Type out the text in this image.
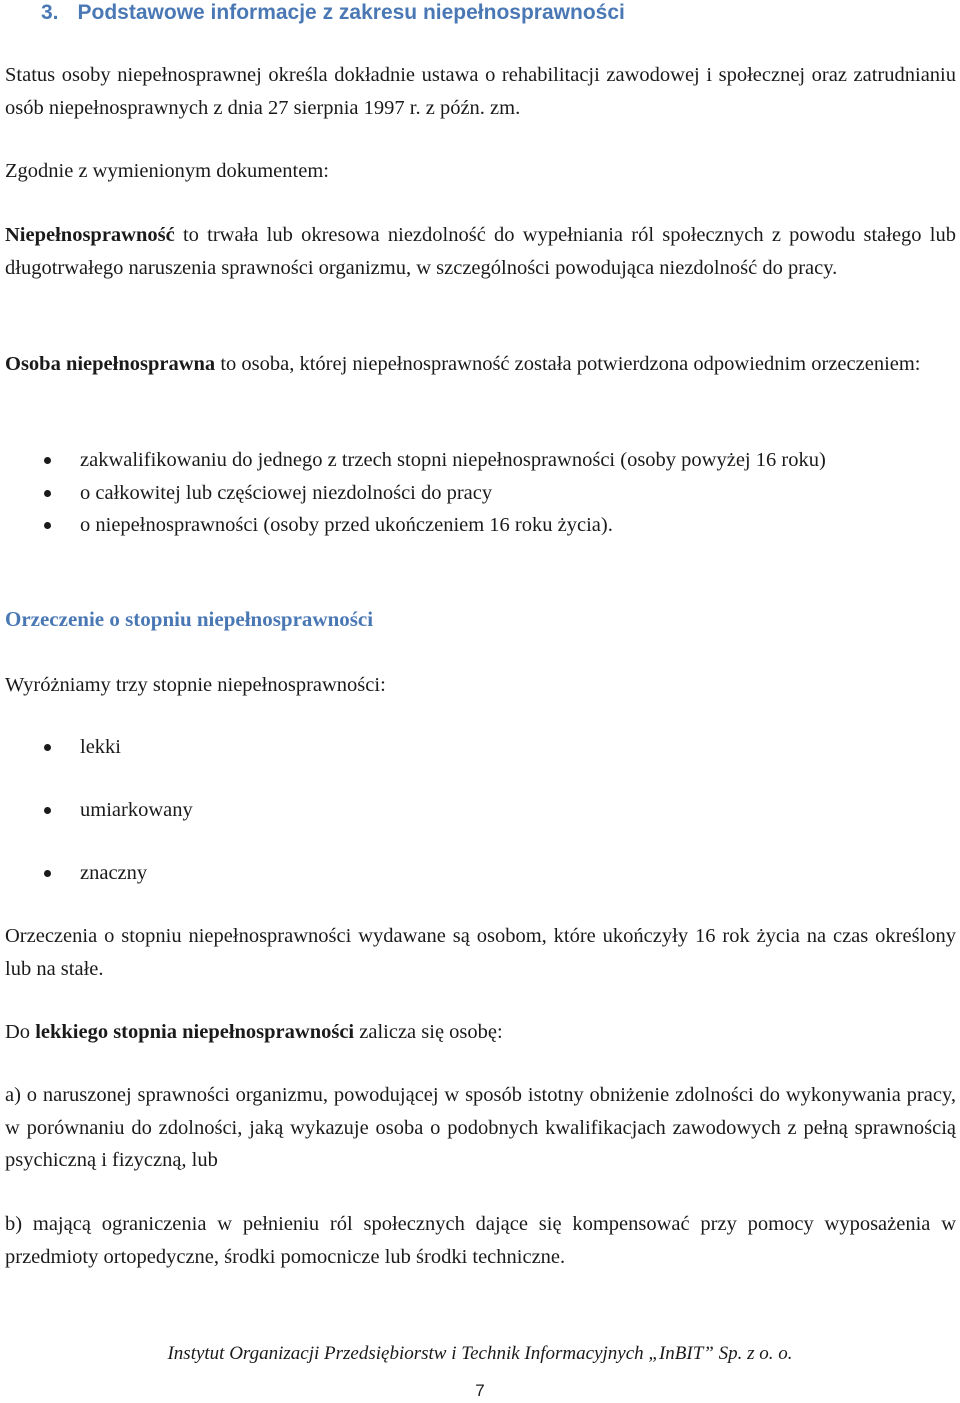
3. Podstawowe informacje z zakresu niepełnosprawności
Status osoby niepełnosprawnej określa dokładnie ustawa o rehabilitacji zawodowej i społecznej oraz zatrudnianiu osób niepełnosprawnych z dnia 27 sierpnia 1997 r. z późn. zm.
Zgodnie z wymienionym dokumentem:
Niepełnosprawność to trwała lub okresowa niezdolność do wypełniania ról społecznych z powodu stałego lub długotrwałego naruszenia sprawności organizmu, w szczególności powodująca niezdolność do pracy.
Osoba niepełnosprawna to osoba, której niepełnosprawność została potwierdzona odpowiednim orzeczeniem:
zakwalifikowaniu do jednego z trzech stopni niepełnosprawności (osoby powyżej 16 roku)
o całkowitej lub częściowej niezdolności do pracy
o niepełnosprawności (osoby przed ukończeniem 16 roku życia).
Orzeczenie o stopniu niepełnosprawności
Wyróżniamy trzy stopnie niepełnosprawności:
lekki
umiarkowany
znaczny
Orzeczenia o stopniu niepełnosprawności wydawane są osobom, które ukończyły 16 rok życia na czas określony lub na stałe.
Do lekkiego stopnia niepełnosprawności zalicza się osobę:
a) o naruszonej sprawności organizmu, powodującej w sposób istotny obniżenie zdolności do wykonywania pracy, w porównaniu do zdolności, jaką wykazuje osoba o podobnych kwalifikacjach zawodowych z pełną sprawnością psychiczną i fizyczną, lub
b) mającą ograniczenia w pełnieniu ról społecznych dające się kompensować przy pomocy wyposażenia w przedmioty ortopedyczne, środki pomocnicze lub środki techniczne.
Instytut Organizacji Przedsiębiorstw i Technik Informacyjnych „InBIT” Sp. z o. o.
7
